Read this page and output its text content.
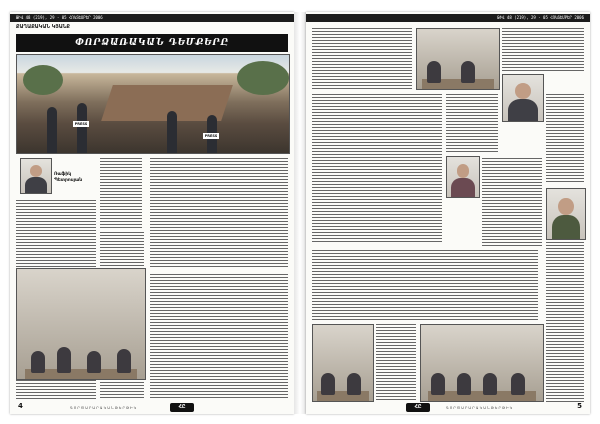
ԹԻՎ 48 (219), 29 - 05 ՀՈԿՏԵՄԲԵՐ 2006
ՔԱՂԱՔԱԿԱՆ ԿՅԱՆՔ
ՓՈՐՁԱՌԱԿԱՆ ԴԵՄՔԵՐԸ
PRESS
PRESS
Ռաֆիկ
Պետրոսյան
4	Գ Ո Ր Ծ Ա Ր Ա Ր Ա Կ Ա Ն Թ Ե Ր Թ Ի Կ	ՀԸ
ԹԻՎ 48 (219), 29 - 05 ՀՈԿՏԵՄԲԵՐ 2006
ՀԸ	Գ Ո Ր Ծ Ա Ր Ա Ր Ա Կ Ա Ն Թ Ե Ր Թ Ի Կ	5
